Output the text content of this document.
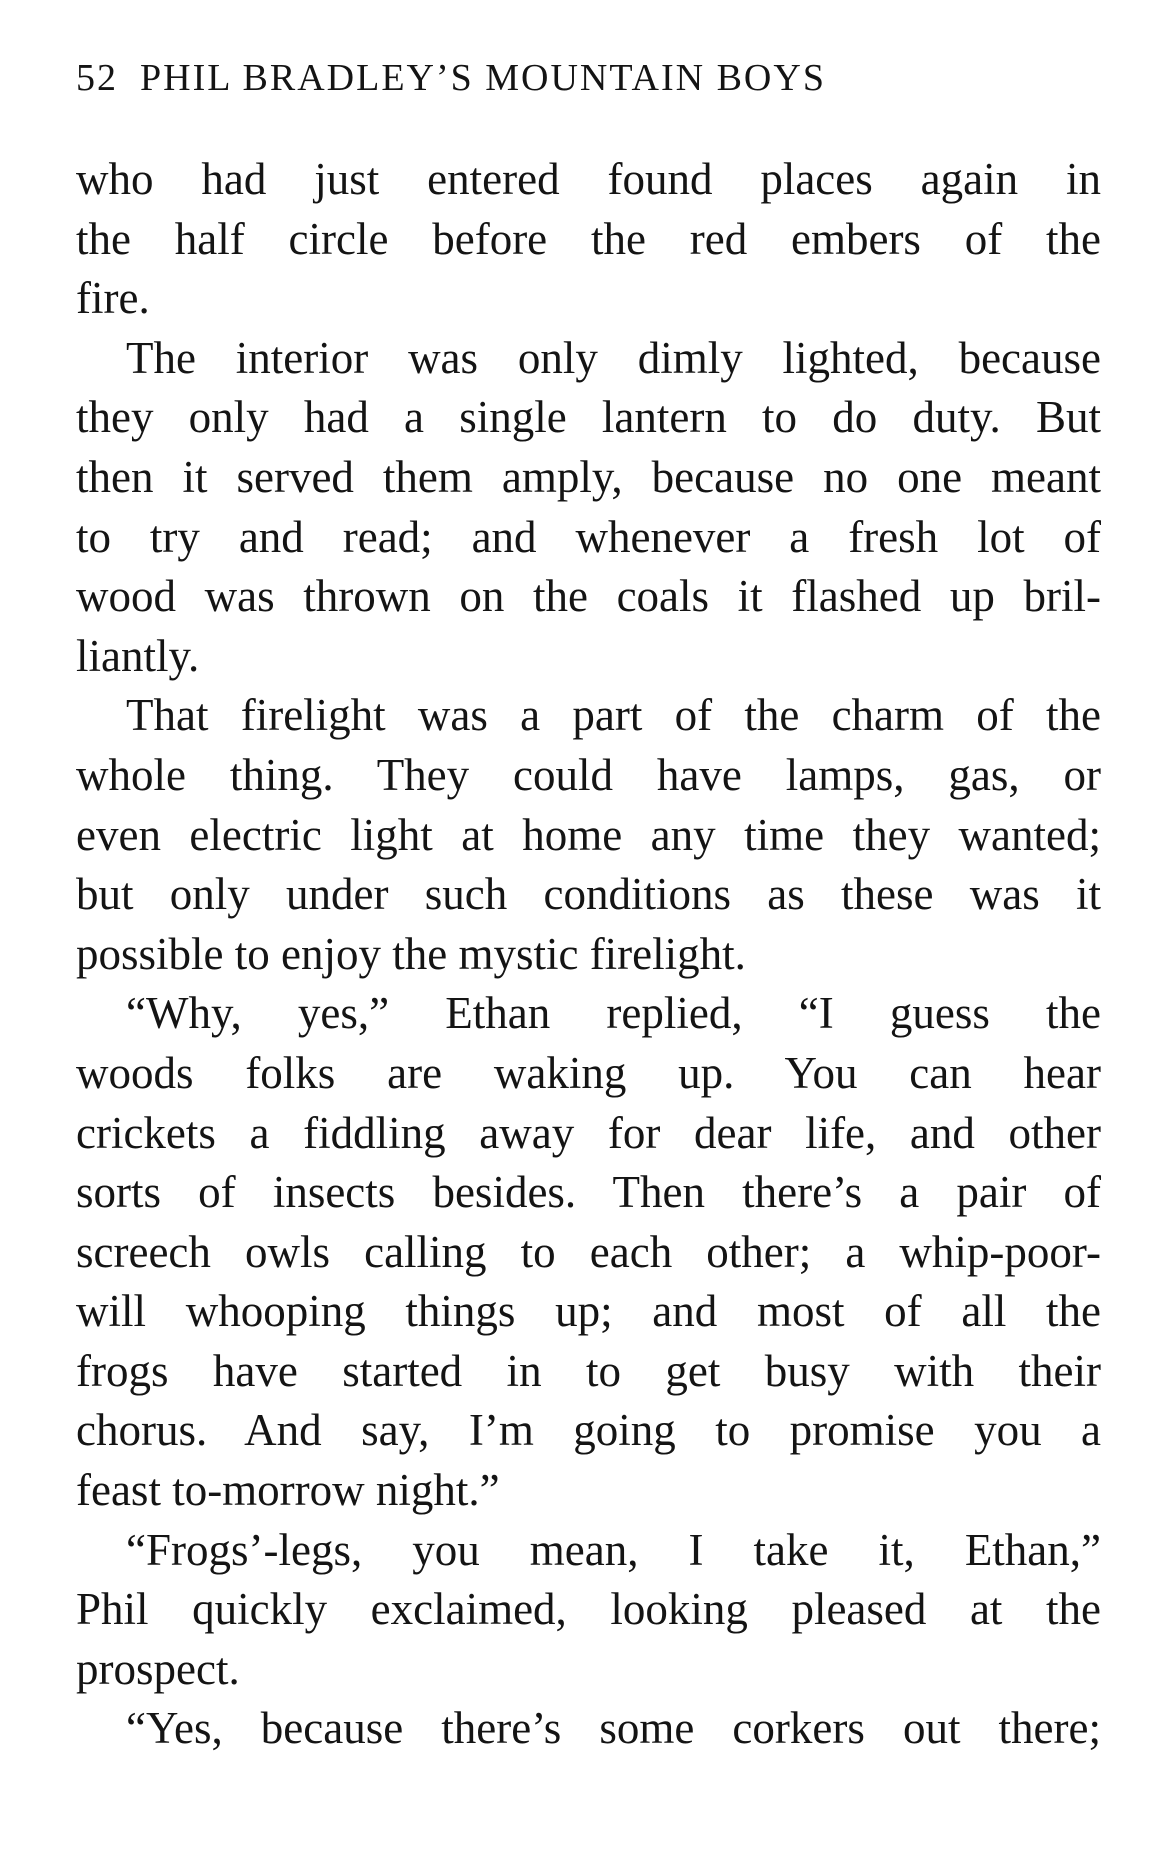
52 PHIL BRADLEY’S MOUNTAIN BOYS
who had just entered found places again in
the half circle before the red embers of the
fire.
The interior was only dimly lighted, because
they only had a single lantern to do duty. But
then it served them amply, because no one meant
to try and read; and whenever a fresh lot of
wood was thrown on the coals it flashed up bril-
liantly.
That firelight was a part of the charm of the
whole thing. They could have lamps, gas, or
even electric light at home any time they wanted;
but only under such conditions as these was it
possible to enjoy the mystic firelight.
“Why, yes,” Ethan replied, “I guess the
woods folks are waking up. You can hear
crickets a fiddling away for dear life, and other
sorts of insects besides. Then there’s a pair of
screech owls calling to each other; a whip-poor-
will whooping things up; and most of all the
frogs have started in to get busy with their
chorus. And say, I’m going to promise you a
feast to-morrow night.”
“Frogs’-legs, you mean, I take it, Ethan,”
Phil quickly exclaimed, looking pleased at the
prospect.
“Yes, because there’s some corkers out there;
